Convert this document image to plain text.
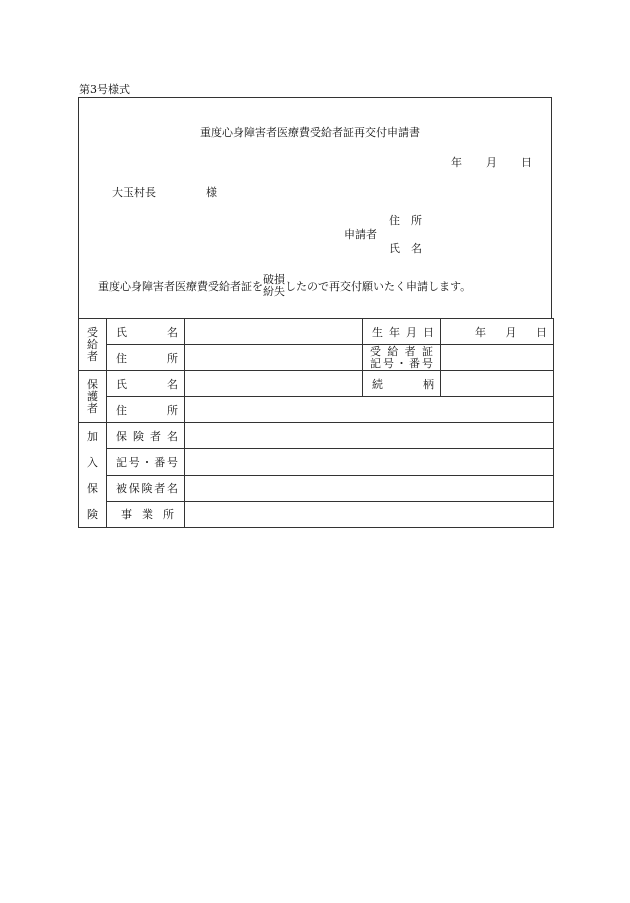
第3号様式
重度心身障害者医療費受給者証再交付申請書
年 月 日
大玉村長	様
申請者
住　所
氏　名
重度心身障害者医療費受給者証を破損
紛失したので再交付願いたく申請します。
受給者	氏名		生年月日	年 月 日

	住所		受給者証
記号・番号	

保護者	氏名		続柄	
	住所			

加
入
保
険	保険者名			
	記号・番号			
	被保険者名			
	事業所			
